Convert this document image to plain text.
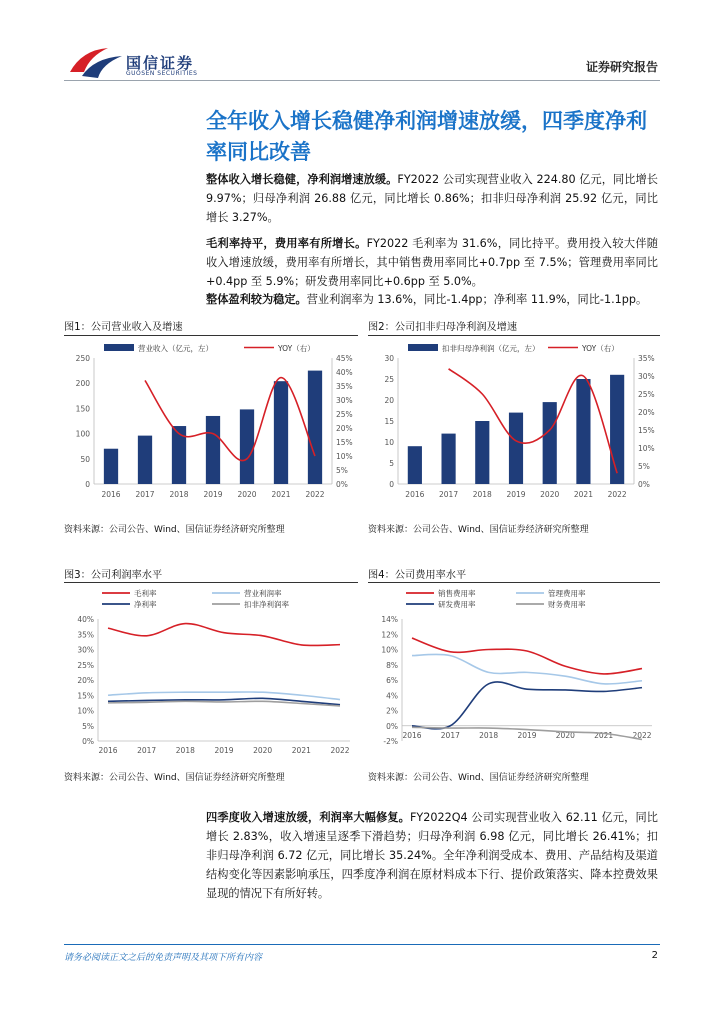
国信证券
GUOSEN SECURITIES	证券研究报告
全年收入增长稳健净利润增速放缓，四季度净利率同比改善
整体收入增长稳健，净利润增速放缓。FY2022 公司实现营业收入 224.80 亿元，同比增长 9.97%；归母净利润 26.88 亿元，同比增长 0.86%；扣非归母净利润 25.92 亿元，同比增长 3.27%。
毛利率持平，费用率有所增长。FY2022 毛利率为 31.6%，同比持平。费用投入较大伴随收入增速放缓，费用率有所增长，其中销售费用率同比+0.7pp 至 7.5%；管理费用率同比+0.4pp 至 5.9%；研发费用率同比+0.6pp 至 5.0%。
整体盈利较为稳定。营业利润率为 13.6%，同比-1.4pp；净利率 11.9%，同比-1.1pp。
图1：公司营业收入及增速
营业收入（亿元，左）	YOY（右）
0
50
100
150
200
250
0%
5%
10%
15%
20%
25%
30%
35%
40%
45%
2016 2017 2018 2019 2020 2021 2022
资料来源：公司公告、Wind、国信证券经济研究所整理
图2：公司扣非归母净利润及增速
扣非归母净利润（亿元，左）	YOY（右）
0
5
10
15
20
25
30
0%
5%
10%
15%
20%
25%
30%
35%
2016 2017 2018 2019 2020 2021 2022
资料来源：公司公告、Wind、国信证券经济研究所整理
图3：公司利润率水平
毛利率	营业利润率
净利率	扣非净利润率
0%
5%
10%
15%
20%
25%
30%
35%
40%
2016	2017	2018	2019	2020	2021	2022
资料来源：公司公告、Wind、国信证券经济研究所整理
图4：公司费用率水平
销售费用率	管理费用率
研发费用率	财务费用率
-2%
0%
2%
4%
6%
8%
10%
12%
14%
2016	2017	2018	2019	2020	2021	2022
资料来源：公司公告、Wind、国信证券经济研究所整理
四季度收入增速放缓，利润率大幅修复。FY2022Q4 公司实现营业收入 62.11 亿元，同比增长 2.83%，收入增速呈逐季下滑趋势；归母净利润 6.98 亿元，同比增长 26.41%；扣非归母净利润 6.72 亿元，同比增长 35.24%。全年净利润受成本、费用、产品结构及渠道结构变化等因素影响承压，四季度净利润在原材料成本下行、提价政策落实、降本控费效果显现的情况下有所好转。
请务必阅读正文之后的免责声明及其项下所有内容	2
